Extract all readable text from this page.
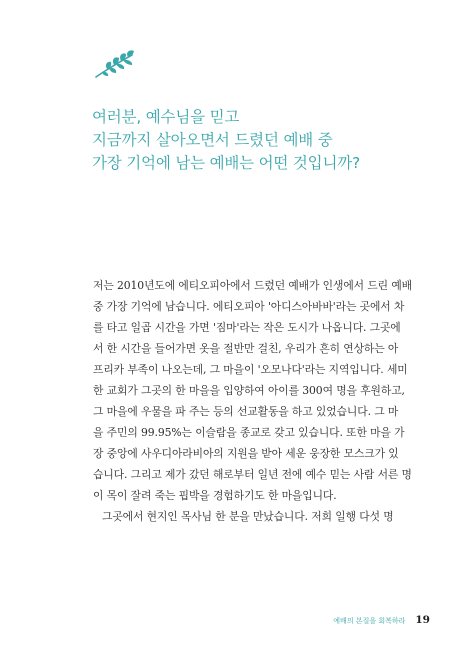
여러분, 예수님을 믿고
지금까지 살아오면서 드렸던 예배 중
가장 기억에 남는 예배는 어떤 것입니까?
저는 2010년도에 에티오피아에서 드렸던 예배가 인생에서 드린 예배
중 가장 기억에 남습니다. 에티오피아 '아디스아바바'라는 곳에서 차
를 타고 일곱 시간을 가면 '짐마'라는 작은 도시가 나옵니다. 그곳에
서 한 시간을 들어가면 옷을 절반만 걸친, 우리가 흔히 연상하는 아
프리카 부족이 나오는데, 그 마을이 '오모나다'라는 지역입니다. 세미
한 교회가 그곳의 한 마을을 입양하여 아이를 300여 명을 후원하고,
그 마을에 우물을 파 주는 등의 선교활동을 하고 있었습니다. 그 마
을 주민의 99.95%는 이슬람을 종교로 갖고 있습니다. 또한 마을 가
장 중앙에 사우디아라비아의 지원을 받아 세운 웅장한 모스크가 있
습니다. 그리고 제가 갔던 해로부터 일년 전에 예수 믿는 사람 서른 명
이 목이 잘려 죽는 핍박을 경험하기도 한 마을입니다.
그곳에서 현지인 목사님 한 분을 만났습니다. 저희 일행 다섯 명
예배의 본질을 회복하라 19
